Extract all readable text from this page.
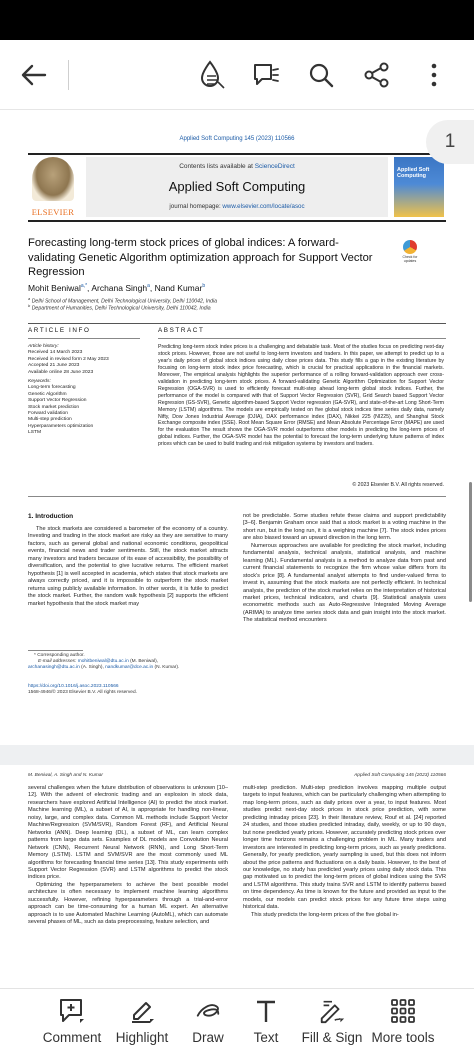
Applied Soft Computing 145 (2023) 110566
ELSEVIER
Contents lists available at ScienceDirect
Applied Soft Computing
journal homepage: www.elsevier.com/locate/asoc
Applied Soft Computing
Forecasting long-term stock prices of global indices: A forward-validating Genetic Algorithm optimization approach for Support Vector Regression
Check for updates
Mohit Beniwal$^{a,*}$, Archana Singh$^a$, Nand Kumar$^b$
$^a$ Delhi School of Management, Delhi Technological University, Delhi 110042, India
$^b$ Department of Humanities, Delhi Technological University, Delhi 110042, India
ARTICLE INFO	ABSTRACT
Article history:
Received 14 March 2023
Received in revised form 2 May 2023
Accepted 21 June 2023
Available online 28 June 2023
Keywords:
Long-term forecasting
Genetic Algorithm
Support Vector Regression
Stock market prediction
Forward validation
Multi-step prediction
Hyperparameters optimization
LSTM
Predicting long-term stock index prices is a challenging and debatable task. Most of the studies focus on predicting next-day stock prices. However, those are not useful to long-term investors and traders. In this paper, we attempt to predict up to a year's daily prices of global stock indices using daily close prices data. This study fills a gap in the existing literature by focusing on long-term stock index price forecasting, which is crucial for practical applications in the financial markets. Moreover, The empirical analysis highlights the superior performance of a rolling forward-validation approach over cross-validation in predicting long-term stock prices. A forward-validating Genetic Algorithm Optimization for Support Vector Regression (OGA-SVR) is used to efficiently forecast multi-step ahead long-term global stock indices. Further, the performance of the model is compared with that of Support Vector Regression (SVR), Grid Search based Support Vector Regression (GS-SVR), Genetic algorithm-based Support Vector regression (GA-SVR), and state-of-the-art Long Short-Term Memory (LSTM) algorithms. The models are empirically tested on five global stock indices time series daily data, namely Nifty, Dow Jones Industrial Average (DJIA), DAX performance index (DAX), Nikkei 225 (NI225), and Shanghai Stock Exchange composite index (SSE). Root Mean Square Error (RMSE) and Mean Absolute Percentage Error (MAPE) are used for the evaluation The result shows the OGA-SVR model outperforms other models in predicting the long-term prices of global indices. Further, the OGA-SVR model has the potential to forecast the long-term underlying future patterns of index prices which can be used to build trading and risk mitigation systems by investors and traders.
© 2023 Elsevier B.V. All rights reserved.
1. Introduction

The stock markets are considered a barometer of the economy of a country. Investing and trading in the stock market are risky as they are sensitive to many factors, such as general global and national economic conditions, geopolitical events, financial news and trader sentiments. Still, the stock market attracts many investors and traders because of its ease of accessibility, the possibility of diversification, and the potential to give lucrative returns. The efficient market hypothesis [1] is well accepted in academia, which states that stock markets are always correctly priced, and it is impossible to outperform the stock market returns using publicly available information. In other words, it is futile to predict the stock market. Further, the random walk hypothesis [2] supports the efficient market hypothesis that the stock market may

not be predictable. Some studies refute these claims and support predictability [3–6]. Benjamin Graham once said that a stock market is a voting machine in the short run, but in the long run, it is a weighing machine [7]. The stock index prices are also biased toward an upward direction in the long term.

Numerous approaches are available for predicting the stock market, including fundamental analysis, technical analysis, statistical analysis, and machine learning (ML). Fundamental analysis is a method to analyze data from past and current financial statements to recognize the firm whose value differs from its stock's price [8]. A fundamental analyst attempts to find under-valued firms to invest in, assuming that the stock markets are not perfectly efficient. In technical analysis, the prediction of the stock market relies on the interpretation of historical market prices, technical indicators, and charts [9]. Statistical analysis uses econometric methods such as Auto-Regressive Integrated Moving Average (ARIMA) to analyze time series stock data and gain insight into the stock market. The statistical method encounters

* Corresponding author.
E-mail addresses: mohitbeniwal@dtu.ac.in (M. Beniwal),
archanasingh@dtu.ac.in (A. Singh), nandkumar@dce.ac.in (N. Kumar).
https://doi.org/10.1016/j.asoc.2023.110566
1568-4946/© 2023 Elsevier B.V. All rights reserved.
1
M. Beniwal, A. Singh and N. Kumar	Applied Soft Computing 145 (2023) 110566

several challenges when the future distribution of observations is unknown [10–12]. With the advent of electronic trading and an explosion in stock data, researchers have explored Artificial Intelligence (AI) to predict the stock market. Machine learning (ML), a subset of AI, is appropriate for handling non-linear, noisy, large, and complex data. Common ML methods include Support Vector Machine/Regression (SVM/SVR), Random Forest (RF), and Artificial Neural Networks (ANN). Deep learning (DL), a subset of ML, can learn complex patterns from large data sets. Examples of DL models are Convolution Neural Network (CNN), Recurrent Neural Network (RNN), and Long Short-Term Memory (LSTM). LSTM and SVM/SVR are the most commonly used ML algorithms for forecasting financial time series [13]. This study experiments with Support Vector Regression (SVR) and LSTM algorithms to predict the stock indices price.

Optimizing the hyperparameters to achieve the best possible model architecture is often necessary to implement machine learning algorithms successfully. However, refining hyperparameters through a trial-and-error approach can be time-consuming for a human ML expert. An alternative approach is to use Automated Machine Learning (AutoML), which can automate several phases of ML, such as data preprocessing, feature selection, and

multi-step prediction. Multi-step prediction involves mapping multiple output targets to input features, which can be particularly challenging when attempting to map long-term prices, such as daily prices over a year, to input features. Most studies predict next-day stock prices in stock price prediction, with some predicting intraday prices [23]. In their literature review, Rouf et al. [24] reported 24 studies, and those studies predicted intraday, daily, weekly, or up to 90 days, but none predicted yearly prices. However, accurately predicting stock prices over longer time horizons remains a challenging problem in ML. Many traders and investors are interested in predicting long-term prices, such as yearly predictions. Generally, for yearly prediction, yearly sampling is used, but this does not inform about the price patterns and fluctuations on a daily basis. However, to the best of our knowledge, no study has predicted yearly prices using daily stock data. This gap motivated us to predict the long-term prices of global indices using the SVR and LSTM algorithms. This study trains SVR and LSTM to identify patterns based on time dependency. As time is known for the future and provided as input to the models, our models can predict stock prices for any future time steps using historical data.

This study predicts the long-term prices of the five global in-

Comment Highlight Draw Text Fill & Sign More tools
